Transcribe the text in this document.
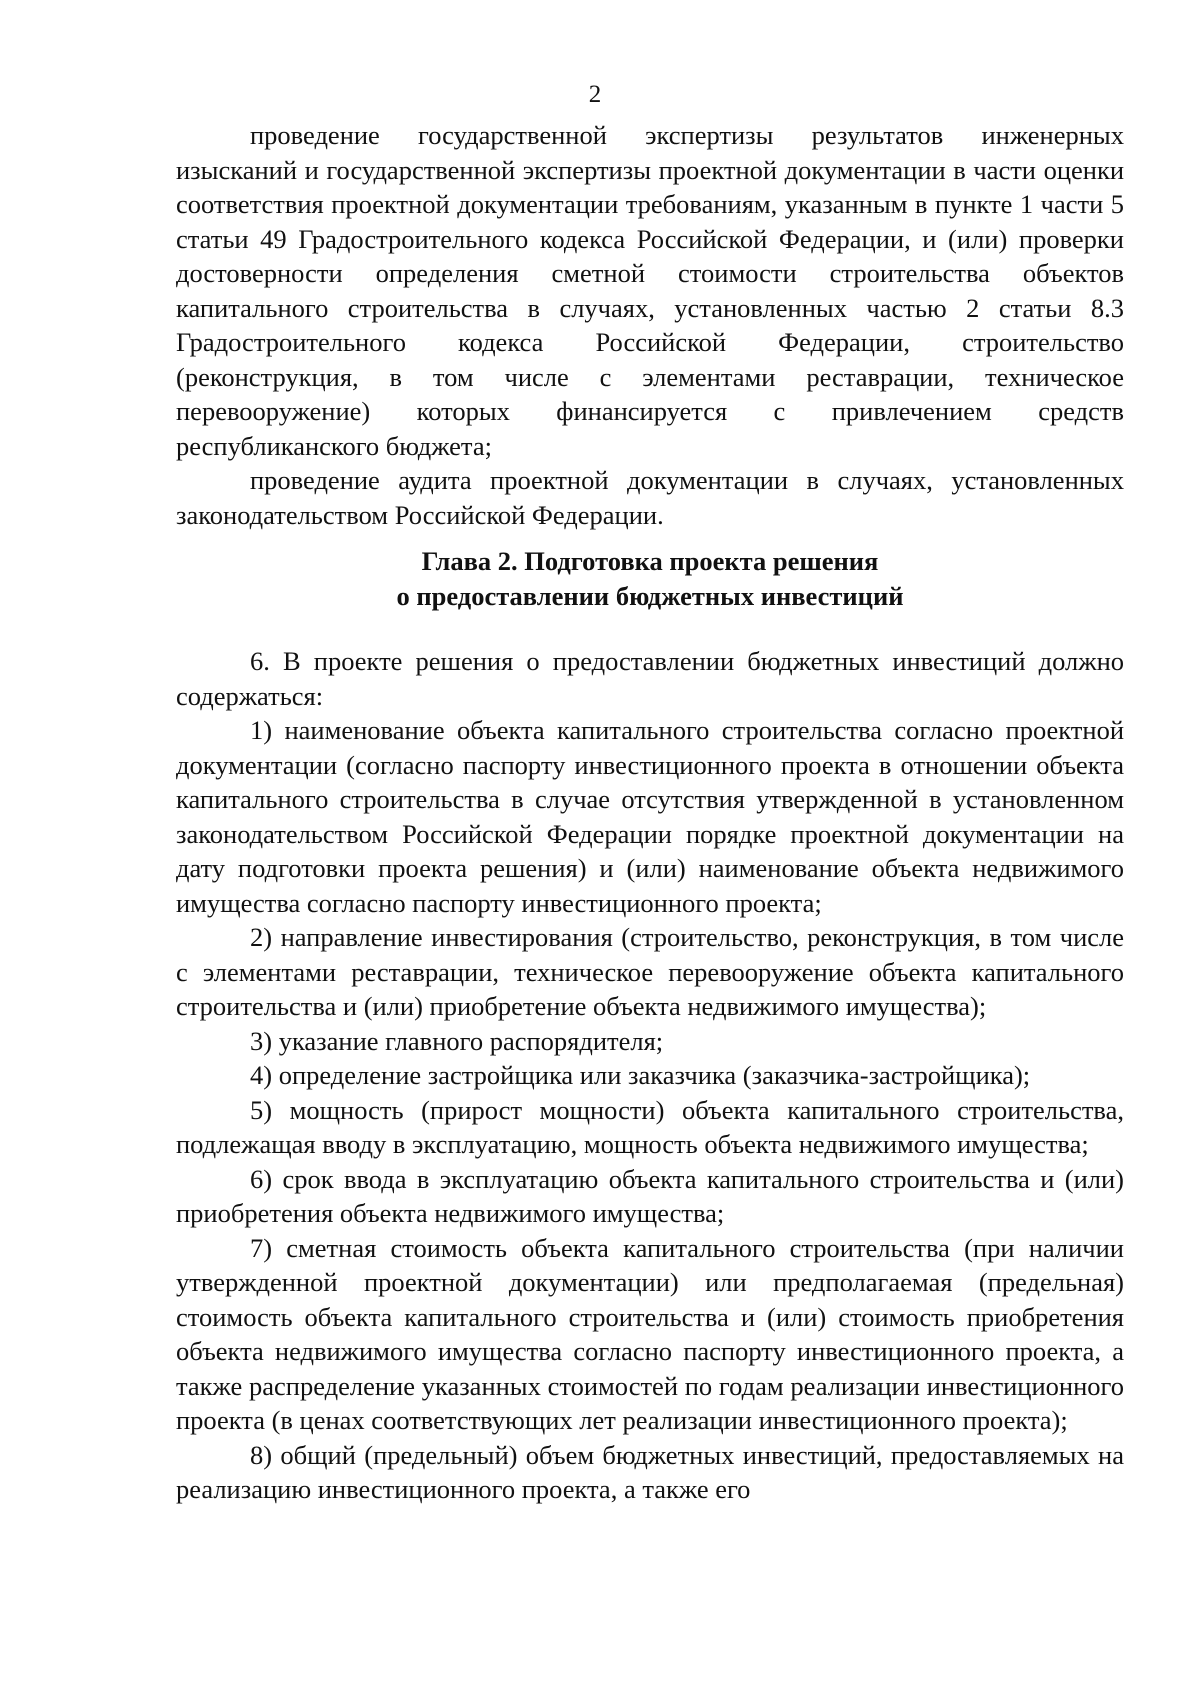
2

проведение государственной экспертизы результатов инженерных изысканий и государственной экспертизы проектной документации в части оценки соответствия проектной документации требованиям, указанным в пункте 1 части 5 статьи 49 Градостроительного кодекса Российской Федерации, и (или) проверки достоверности определения сметной стоимости строительства объектов капитального строительства в случаях, установленных частью 2 статьи 8.3 Градостроительного кодекса Российской Федерации, строительство (реконструкция, в том числе с элементами реставрации, техническое перевооружение) которых финансируется с привлечением средств республиканского бюджета;

проведение аудита проектной документации в случаях, установленных законодательством Российской Федерации.

Глава 2. Подготовка проекта решения
о предоставлении бюджетных инвестиций

6. В проекте решения о предоставлении бюджетных инвестиций должно содержаться:

1) наименование объекта капитального строительства согласно проектной документации (согласно паспорту инвестиционного проекта в отношении объекта капитального строительства в случае отсутствия утвержденной в установленном законодательством Российской Федерации порядке проектной документации на дату подготовки проекта решения) и (или) наименование объекта недвижимого имущества согласно паспорту инвестиционного проекта;

2) направление инвестирования (строительство, реконструкция, в том числе с элементами реставрации, техническое перевооружение объекта капитального строительства и (или) приобретение объекта недвижимого имущества);

3) указание главного распорядителя;

4) определение застройщика или заказчика (заказчика-застройщика);

5) мощность (прирост мощности) объекта капитального строительства, подлежащая вводу в эксплуатацию, мощность объекта недвижимого имущества;

6) срок ввода в эксплуатацию объекта капитального строительства и (или) приобретения объекта недвижимого имущества;

7) сметная стоимость объекта капитального строительства (при наличии утвержденной проектной документации) или предполагаемая (предельная) стоимость объекта капитального строительства и (или) стоимость приобретения объекта недвижимого имущества согласно паспорту инвестиционного проекта, а также распределение указанных стоимостей по годам реализации инвестиционного проекта (в ценах соответствующих лет реализации инвестиционного проекта);

8) общий (предельный) объем бюджетных инвестиций, предоставляемых на реализацию инвестиционного проекта, а также его
